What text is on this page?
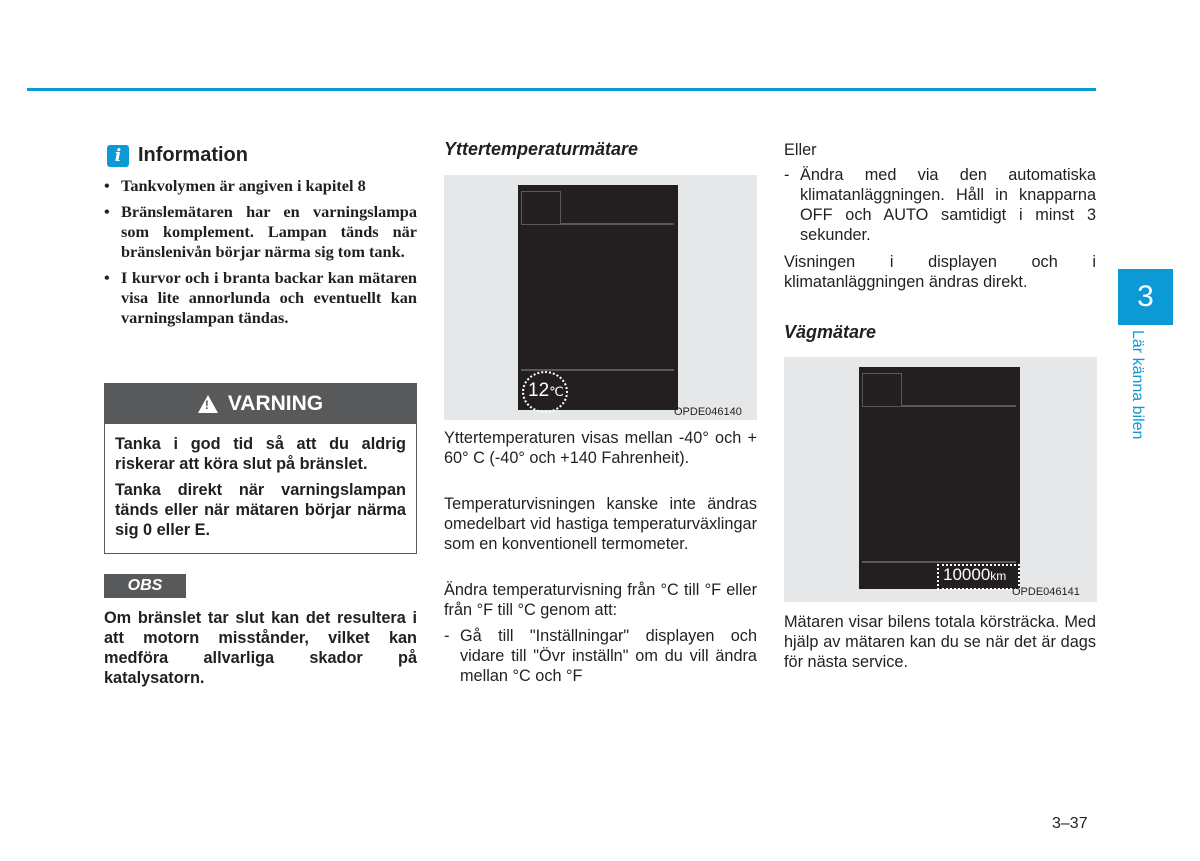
3
Lär känna bilen
3–37
i Information
• Tankvolymen är angiven i kapitel 8
• Bränslemätaren har en varningslampa som komplement. Lampan tänds när bränslenivån börjar närma sig tom tank.
• I kurvor och i branta backar kan mätaren visa lite annorlunda och eventuellt kan varningslampan tändas.
! VARNING

Tanka i god tid så att du aldrig riskerar att köra slut på bränslet.

Tanka direkt när varningslampan tänds eller när mätaren börjar närma sig 0 eller E.

OBS

Om bränslet tar slut kan det resultera i att motorn misstånder, vilket kan medföra allvarliga skador på katalysatorn.

Yttertemperaturmätare
12℃
OPDE046140

Yttertemperaturen visas mellan -40° och + 60° C (-40° och +140 Fahrenheit).

Temperaturvisningen kanske inte ändras omedelbart vid hastiga temperaturväxlingar som en konventionell termometer.

Ändra temperaturvisning från °C till °F eller från °F till °C genom att:

- Gå till "Inställningar" displayen och vidare till "Övr inställn" om du vill ändra mellan °C och °F
Eller
- Ändra med via den automatiska klimatanläggningen. Håll in knapparna OFF och AUTO samtidigt i minst 3 sekunder.

Visningen i displayen och i klimatanläggningen ändras direkt.

Vägmätare
10000km
OPDE046141

Mätaren visar bilens totala körsträcka. Med hjälp av mätaren kan du se när det är dags för nästa service.
